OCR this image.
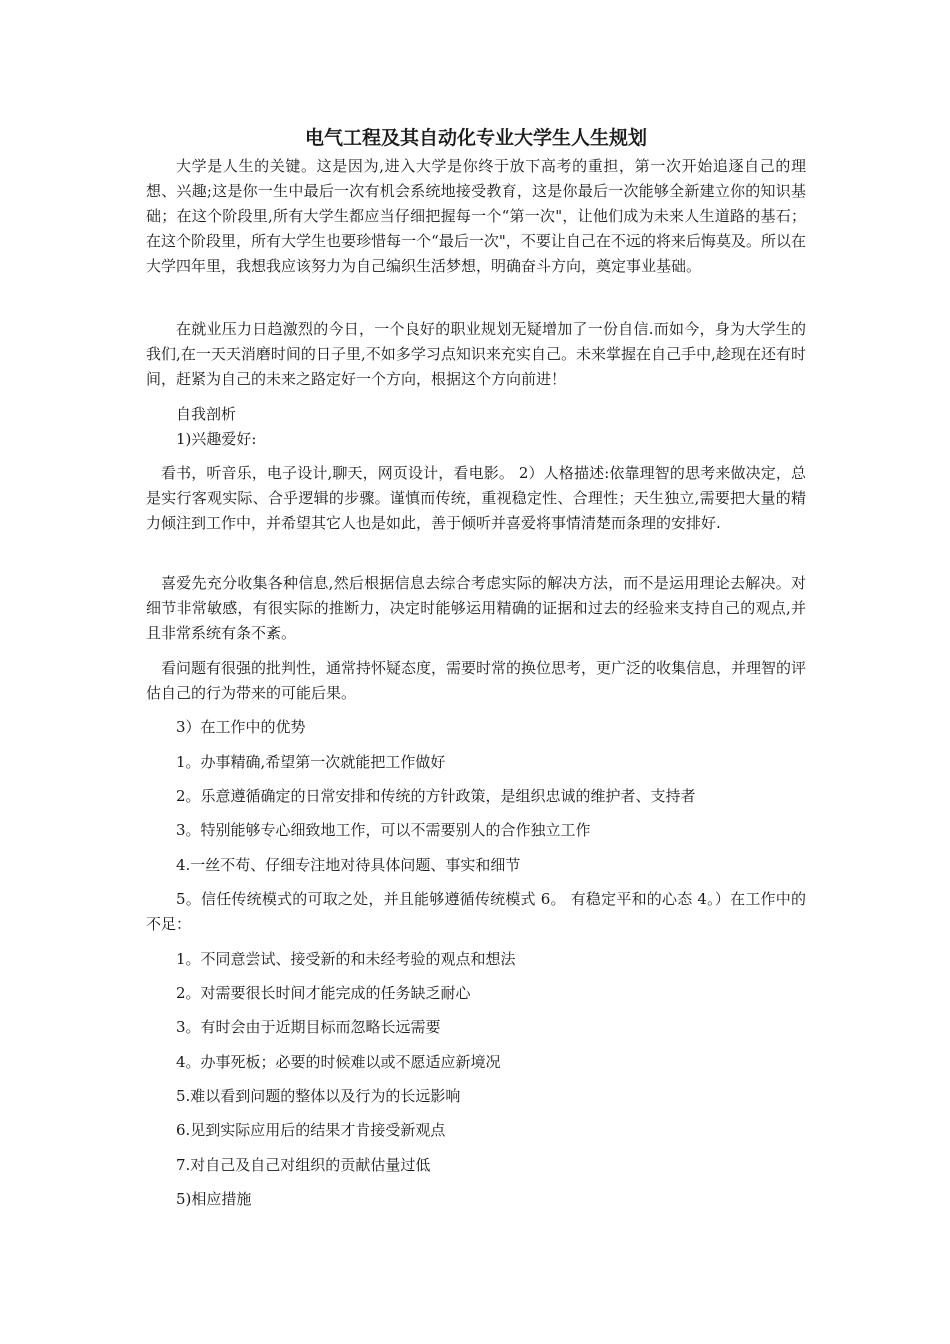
电气工程及其自动化专业大学生人生规划

大学是人生的关键。这是因为,进入大学是你终于放下高考的重担，第一次开始追逐自己的理想、兴趣;这是你一生中最后一次有机会系统地接受教育，这是你最后一次能够全新建立你的知识基础；在这个阶段里,所有大学生都应当仔细把握每一个“第一次"，让他们成为未来人生道路的基石；在这个阶段里，所有大学生也要珍惜每一个“最后一次"，不要让自己在不远的将来后悔莫及。所以在大学四年里，我想我应该努力为自己编织生活梦想，明确奋斗方向，奠定事业基础。

在就业压力日趋激烈的今日，一个良好的职业规划无疑增加了一份自信.而如今，身为大学生的我们,在一天天消磨时间的日子里,不如多学习点知识来充实自己。未来掌握在自己手中,趁现在还有时间，赶紧为自己的未来之路定好一个方向，根据这个方向前进！

自我剖析

1)兴趣爱好:

看书，听音乐，电子设计,聊天，网页设计，看电影。 2）人格描述:依靠理智的思考来做决定，总是实行客观实际、合乎逻辑的步骤。谨慎而传统，重视稳定性、合理性；天生独立,需要把大量的精力倾注到工作中，并希望其它人也是如此，善于倾听并喜爱将事情清楚而条理的安排好.

喜爱先充分收集各种信息,然后根据信息去综合考虑实际的解决方法，而不是运用理论去解决。对细节非常敏感，有很实际的推断力，决定时能够运用精确的证据和过去的经验来支持自己的观点,并且非常系统有条不紊。

看问题有很强的批判性，通常持怀疑态度，需要时常的换位思考，更广泛的收集信息，并理智的评估自己的行为带来的可能后果。

3）在工作中的优势

1。办事精确,希望第一次就能把工作做好

2。乐意遵循确定的日常安排和传统的方针政策，是组织忠诚的维护者、支持者

3。特别能够专心细致地工作，可以不需要别人的合作独立工作

4.一丝不苟、仔细专注地对待具体问题、事实和细节

5。信任传统模式的可取之处，并且能够遵循传统模式 6。 有稳定平和的心态 4。）在工作中的不足：

1。不同意尝试、接受新的和未经考验的观点和想法

2。对需要很长时间才能完成的任务缺乏耐心

3。有时会由于近期目标而忽略长远需要

4。办事死板；必要的时候难以或不愿适应新境况

5.难以看到问题的整体以及行为的长远影响

6.见到实际应用后的结果才肯接受新观点

7.对自己及自己对组织的贡献估量过低

5)相应措施
